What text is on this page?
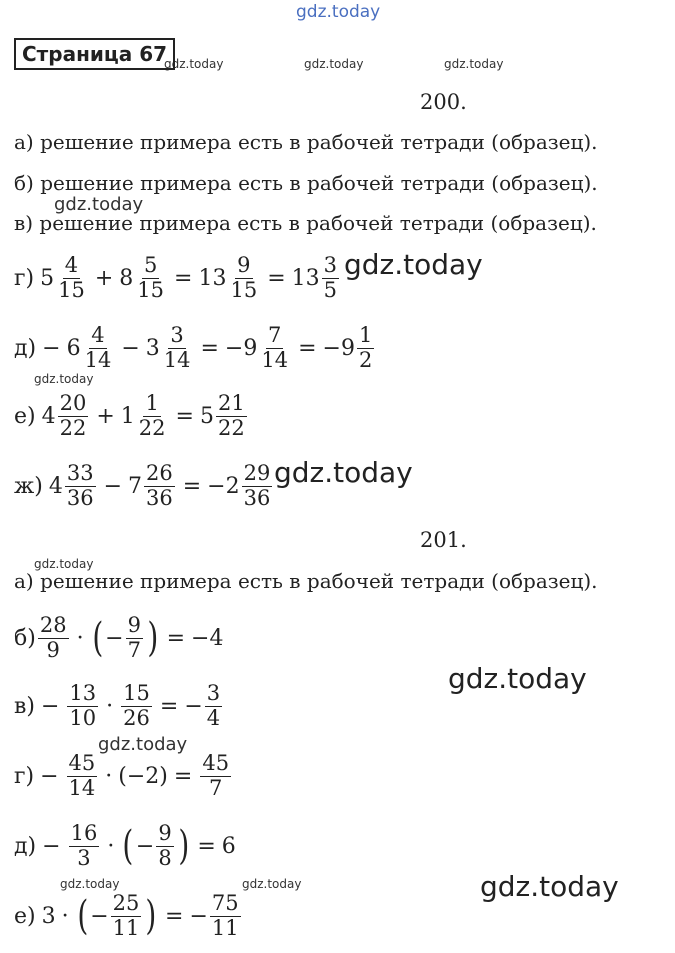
gdz.today
gdz.today	gdz.today	gdz.today
gdz.today
gdz.today
gdz.today
gdz.today
gdz.today
gdz.today
gdz.today
gdz.today	gdz.today	gdz.today
Страница 67
200.
а) решение примера есть в рабочей тетради (образец).
б) решение примера есть в рабочей тетради (образец).
в) решение примера есть в рабочей тетради (образец).
г) $5 \frac{4}{15} + 8 \frac{5}{15} = 13 \frac{9}{15} = 13 \frac{3}{5}$
$д) - 6 \frac{4}{14} - 3 \frac{3}{14} = -9 \frac{7}{14} = -9 \frac{1}{2}$
е) $4 \frac{20}{22} + 1 \frac{1}{22} = 5 \frac{21}{22}$
ж) $4 \frac{33}{36} - 7 \frac{26}{36} = -2 \frac{29}{36}$
201.
а) решение примера есть в рабочей тетради (образец).
$б) \frac{28}{9}$ · ( − $\frac{9}{7}$ ) = −4
$в) - \frac{13}{10} \cdot \frac{15}{26}$ = − $\frac{3}{4}$
$г) - \frac{45}{14} \cdot (-2) = \frac{45}{7}$
$д) - \frac{16}{3}$ · ( − $\frac{9}{8}$ ) = 6
е) 3 · ( − $\frac{25}{11}$ ) = − $\frac{75}{11}$
